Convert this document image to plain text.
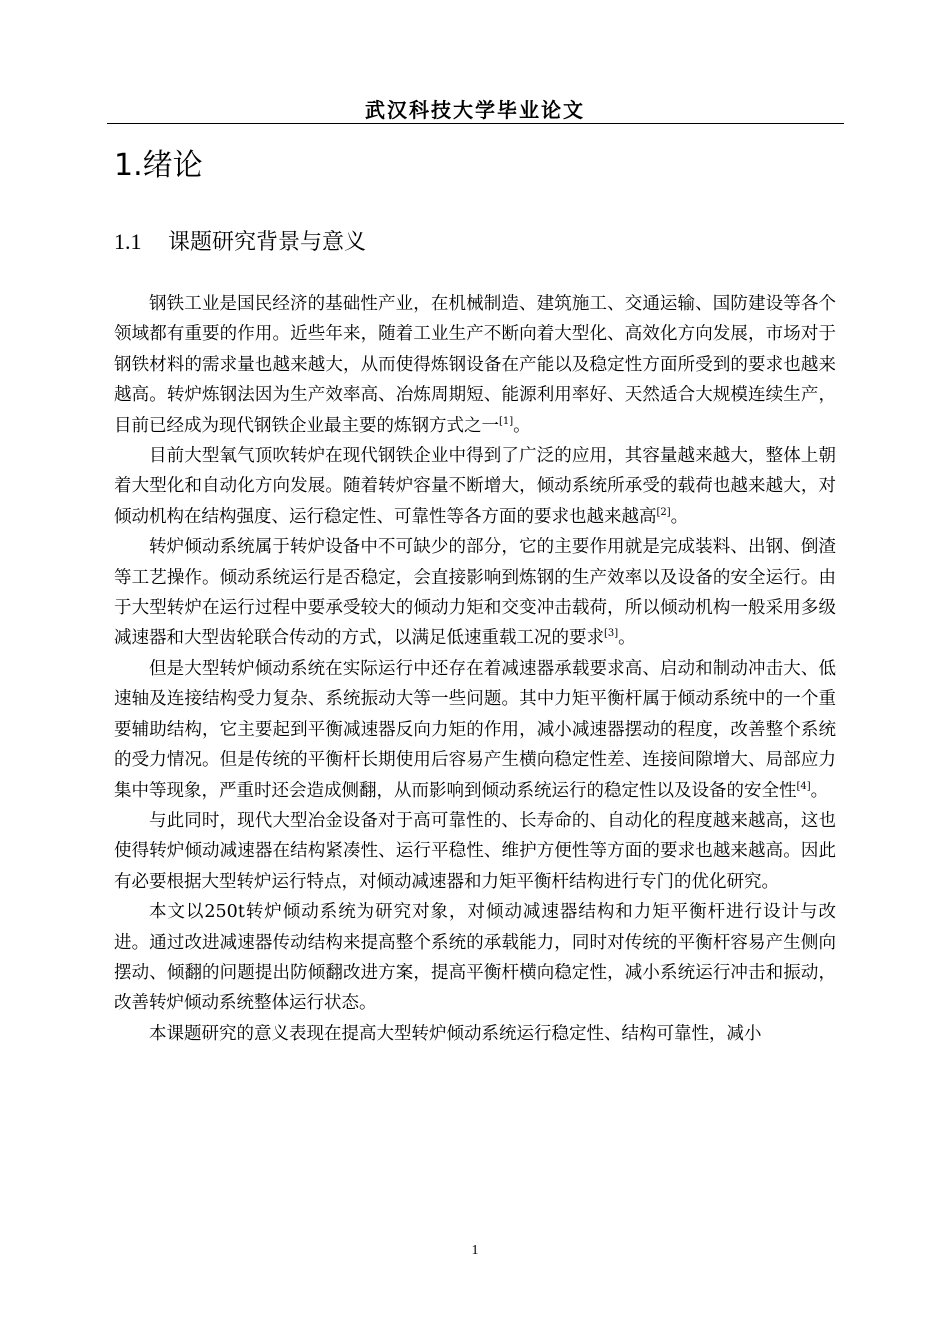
武汉科技大学毕业论文
1.绪论
1.1 课题研究背景与意义

钢铁工业是国民经济的基础性产业，在机械制造、建筑施工、交通运输、国防建设等各个领域都有重要的作用。近些年来，随着工业生产不断向着大型化、高效化方向发展，市场对于钢铁材料的需求量也越来越大，从而使得炼钢设备在产能以及稳定性方面所受到的要求也越来越高。转炉炼钢法因为生产效率高、冶炼周期短、能源利用率好、天然适合大规模连续生产，目前已经成为现代钢铁企业最主要的炼钢方式之一[1]。

目前大型氧气顶吹转炉在现代钢铁企业中得到了广泛的应用，其容量越来越大，整体上朝着大型化和自动化方向发展。随着转炉容量不断增大，倾动系统所承受的载荷也越来越大，对倾动机构在结构强度、运行稳定性、可靠性等各方面的要求也越来越高[2]。

转炉倾动系统属于转炉设备中不可缺少的部分，它的主要作用就是完成装料、出钢、倒渣等工艺操作。倾动系统运行是否稳定，会直接影响到炼钢的生产效率以及设备的安全运行。由于大型转炉在运行过程中要承受较大的倾动力矩和交变冲击载荷，所以倾动机构一般采用多级减速器和大型齿轮联合传动的方式，以满足低速重载工况的要求[3]。

但是大型转炉倾动系统在实际运行中还存在着减速器承载要求高、启动和制动冲击大、低速轴及连接结构受力复杂、系统振动大等一些问题。其中力矩平衡杆属于倾动系统中的一个重要辅助结构，它主要起到平衡减速器反向力矩的作用，减小减速器摆动的程度，改善整个系统的受力情况。但是传统的平衡杆长期使用后容易产生横向稳定性差、连接间隙增大、局部应力集中等现象，严重时还会造成侧翻，从而影响到倾动系统运行的稳定性以及设备的安全性[4]。

与此同时，现代大型冶金设备对于高可靠性的、长寿命的、自动化的程度越来越高，这也使得转炉倾动减速器在结构紧凑性、运行平稳性、维护方便性等方面的要求也越来越高。因此有必要根据大型转炉运行特点，对倾动减速器和力矩平衡杆结构进行专门的优化研究。

本文以250t转炉倾动系统为研究对象，对倾动减速器结构和力矩平衡杆进行设计与改进。通过改进减速器传动结构来提高整个系统的承载能力，同时对传统的平衡杆容易产生侧向摆动、倾翻的问题提出防倾翻改进方案，提高平衡杆横向稳定性，减小系统运行冲击和振动，改善转炉倾动系统整体运行状态。

本课题研究的意义表现在提高大型转炉倾动系统运行稳定性、结构可靠性，减小

1
